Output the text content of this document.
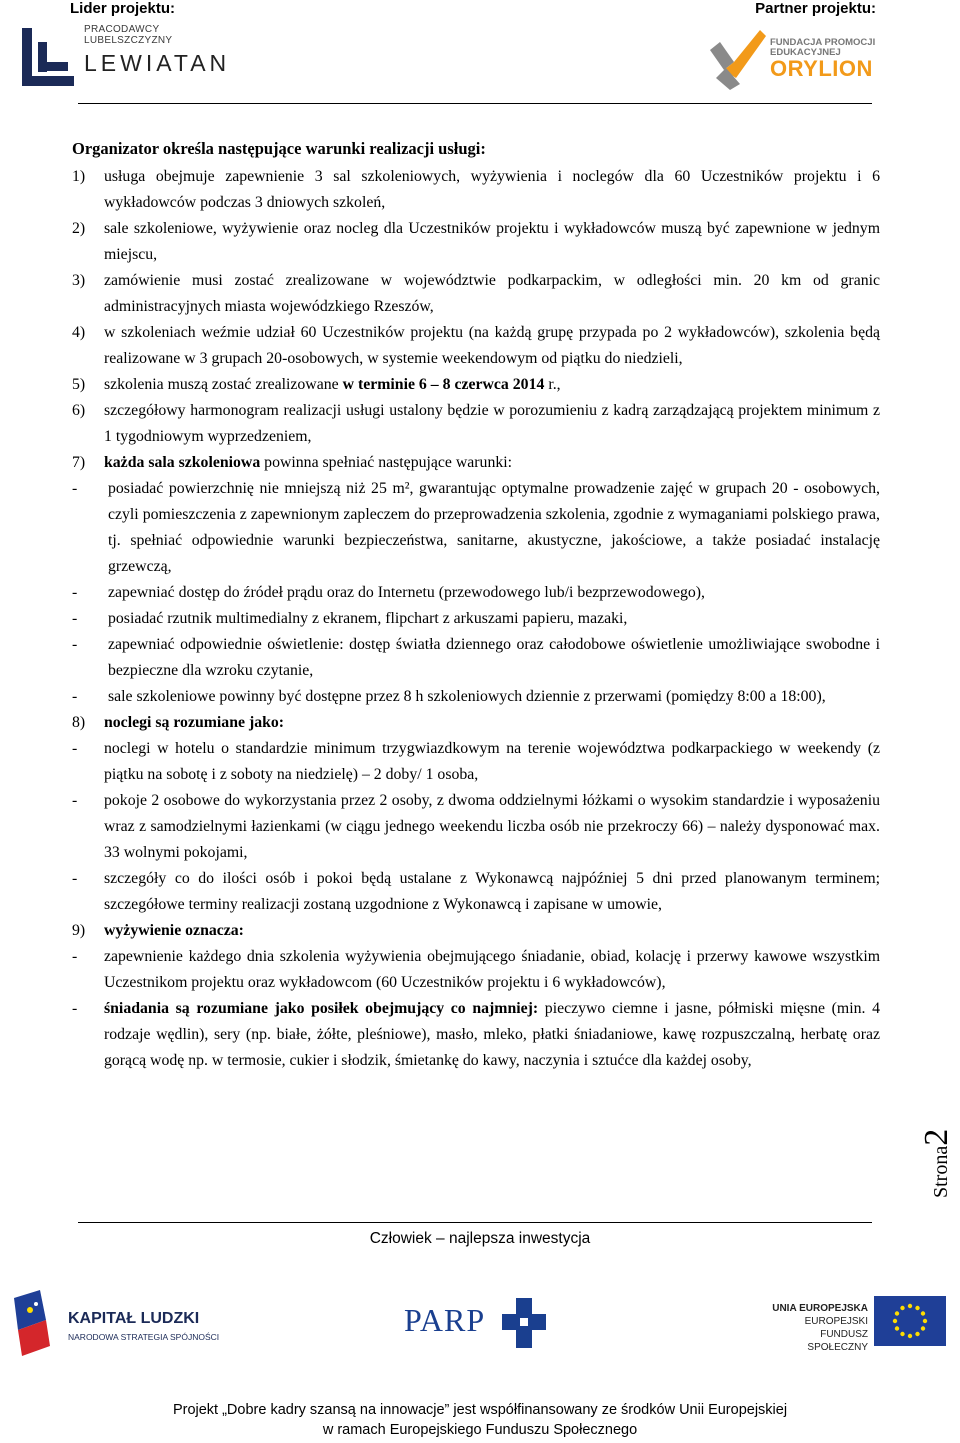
Lider projektu:	Partner projektu:
PRACODAWCY
LUBELSZCZYZNY
LEWIATAN
FUNDACJA PROMOCJI
EDUKACYJNEJ
ORYLION
Organizator określa następujące warunki realizacji usługi:
1)	usługa obejmuje zapewnienie 3 sal szkoleniowych, wyżywienia i noclegów dla 60 Uczestników projektu i 6 wykładowców podczas 3 dniowych szkoleń,
2)	sale szkoleniowe, wyżywienie oraz nocleg dla Uczestników projektu i wykładowców muszą być zapewnione w jednym miejscu,
3)	zamówienie musi zostać zrealizowane w województwie podkarpackim, w odległości min. 20 km od granic administracyjnych miasta wojewódzkiego Rzeszów,
4)	w szkoleniach weźmie udział 60 Uczestników projektu (na każdą grupę przypada po 2 wykładowców), szkolenia będą realizowane w 3 grupach 20-osobowych, w systemie weekendowym od piątku do niedzieli,
5)	szkolenia muszą zostać zrealizowane w terminie 6 – 8 czerwca 2014 r.,
6)	szczegółowy harmonogram realizacji usługi ustalony będzie w porozumieniu z kadrą zarządzającą projektem minimum z 1 tygodniowym wyprzedzeniem,
7)	każda sala szkoleniowa powinna spełniać następujące warunki:
-	posiadać powierzchnię nie mniejszą niż 25 m², gwarantując optymalne prowadzenie zajęć w grupach 20 - osobowych, czyli pomieszczenia z zapewnionym zapleczem do przeprowadzenia szkolenia, zgodnie z wymaganiami polskiego prawa, tj. spełniać odpowiednie warunki bezpieczeństwa, sanitarne, akustyczne, jakościowe, a także posiadać instalację grzewczą,
-	zapewniać dostęp do źródeł prądu oraz do Internetu (przewodowego lub/i bezprzewodowego),
-	posiadać rzutnik multimedialny z ekranem, flipchart z arkuszami papieru, mazaki,
-	zapewniać odpowiednie oświetlenie: dostęp światła dziennego oraz całodobowe oświetlenie umożliwiające swobodne i bezpieczne dla wzroku czytanie,
-	sale szkoleniowe powinny być dostępne przez 8 h szkoleniowych dziennie z przerwami (pomiędzy 8:00 a 18:00),
8)	noclegi są rozumiane jako:
-	noclegi w hotelu o standardzie minimum trzygwiazdkowym na terenie województwa podkarpackiego w weekendy (z piątku na sobotę i z soboty na niedzielę) – 2 doby/ 1 osoba,
-	pokoje 2 osobowe do wykorzystania przez 2 osoby, z dwoma oddzielnymi łóżkami o wysokim standardzie i wyposażeniu wraz z samodzielnymi łazienkami (w ciągu jednego weekendu liczba osób nie przekroczy 66) – należy dysponować max. 33 wolnymi pokojami,
-	szczegóły co do ilości osób i pokoi będą ustalane z Wykonawcą najpóźniej 5 dni przed planowanym terminem; szczegółowe terminy realizacji zostaną uzgodnione z Wykonawcą i zapisane w umowie,
9)	wyżywienie oznacza:
-	zapewnienie każdego dnia szkolenia wyżywienia obejmującego śniadanie, obiad, kolację i przerwy kawowe wszystkim Uczestnikom projektu oraz wykładowcom (60 Uczestników projektu i 6 wykładowców),
-	śniadania są rozumiane jako posiłek obejmujący co najmniej: pieczywo ciemne i jasne, półmiski mięsne (min. 4 rodzaje wędlin), sery (np. białe, żółte, pleśniowe), masło, mleko, płatki śniadaniowe, kawę rozpuszczalną, herbatę oraz gorącą wodę np. w termosie, cukier i słodzik, śmietankę do kawy, naczynia i sztućce dla każdej osoby,
Strona2
Człowiek – najlepsza inwestycja
KAPITAŁ LUDZKI
NARODOWA STRATEGIA SPÓJNOŚCI	PARP	UNIA EUROPEJSKA
EUROPEJSKI
FUNDUSZ SPOŁECZNY
Projekt „Dobre kadry szansą na innowacje” jest współfinansowany ze środków Unii Europejskiej
w ramach Europejskiego Funduszu Społecznego
